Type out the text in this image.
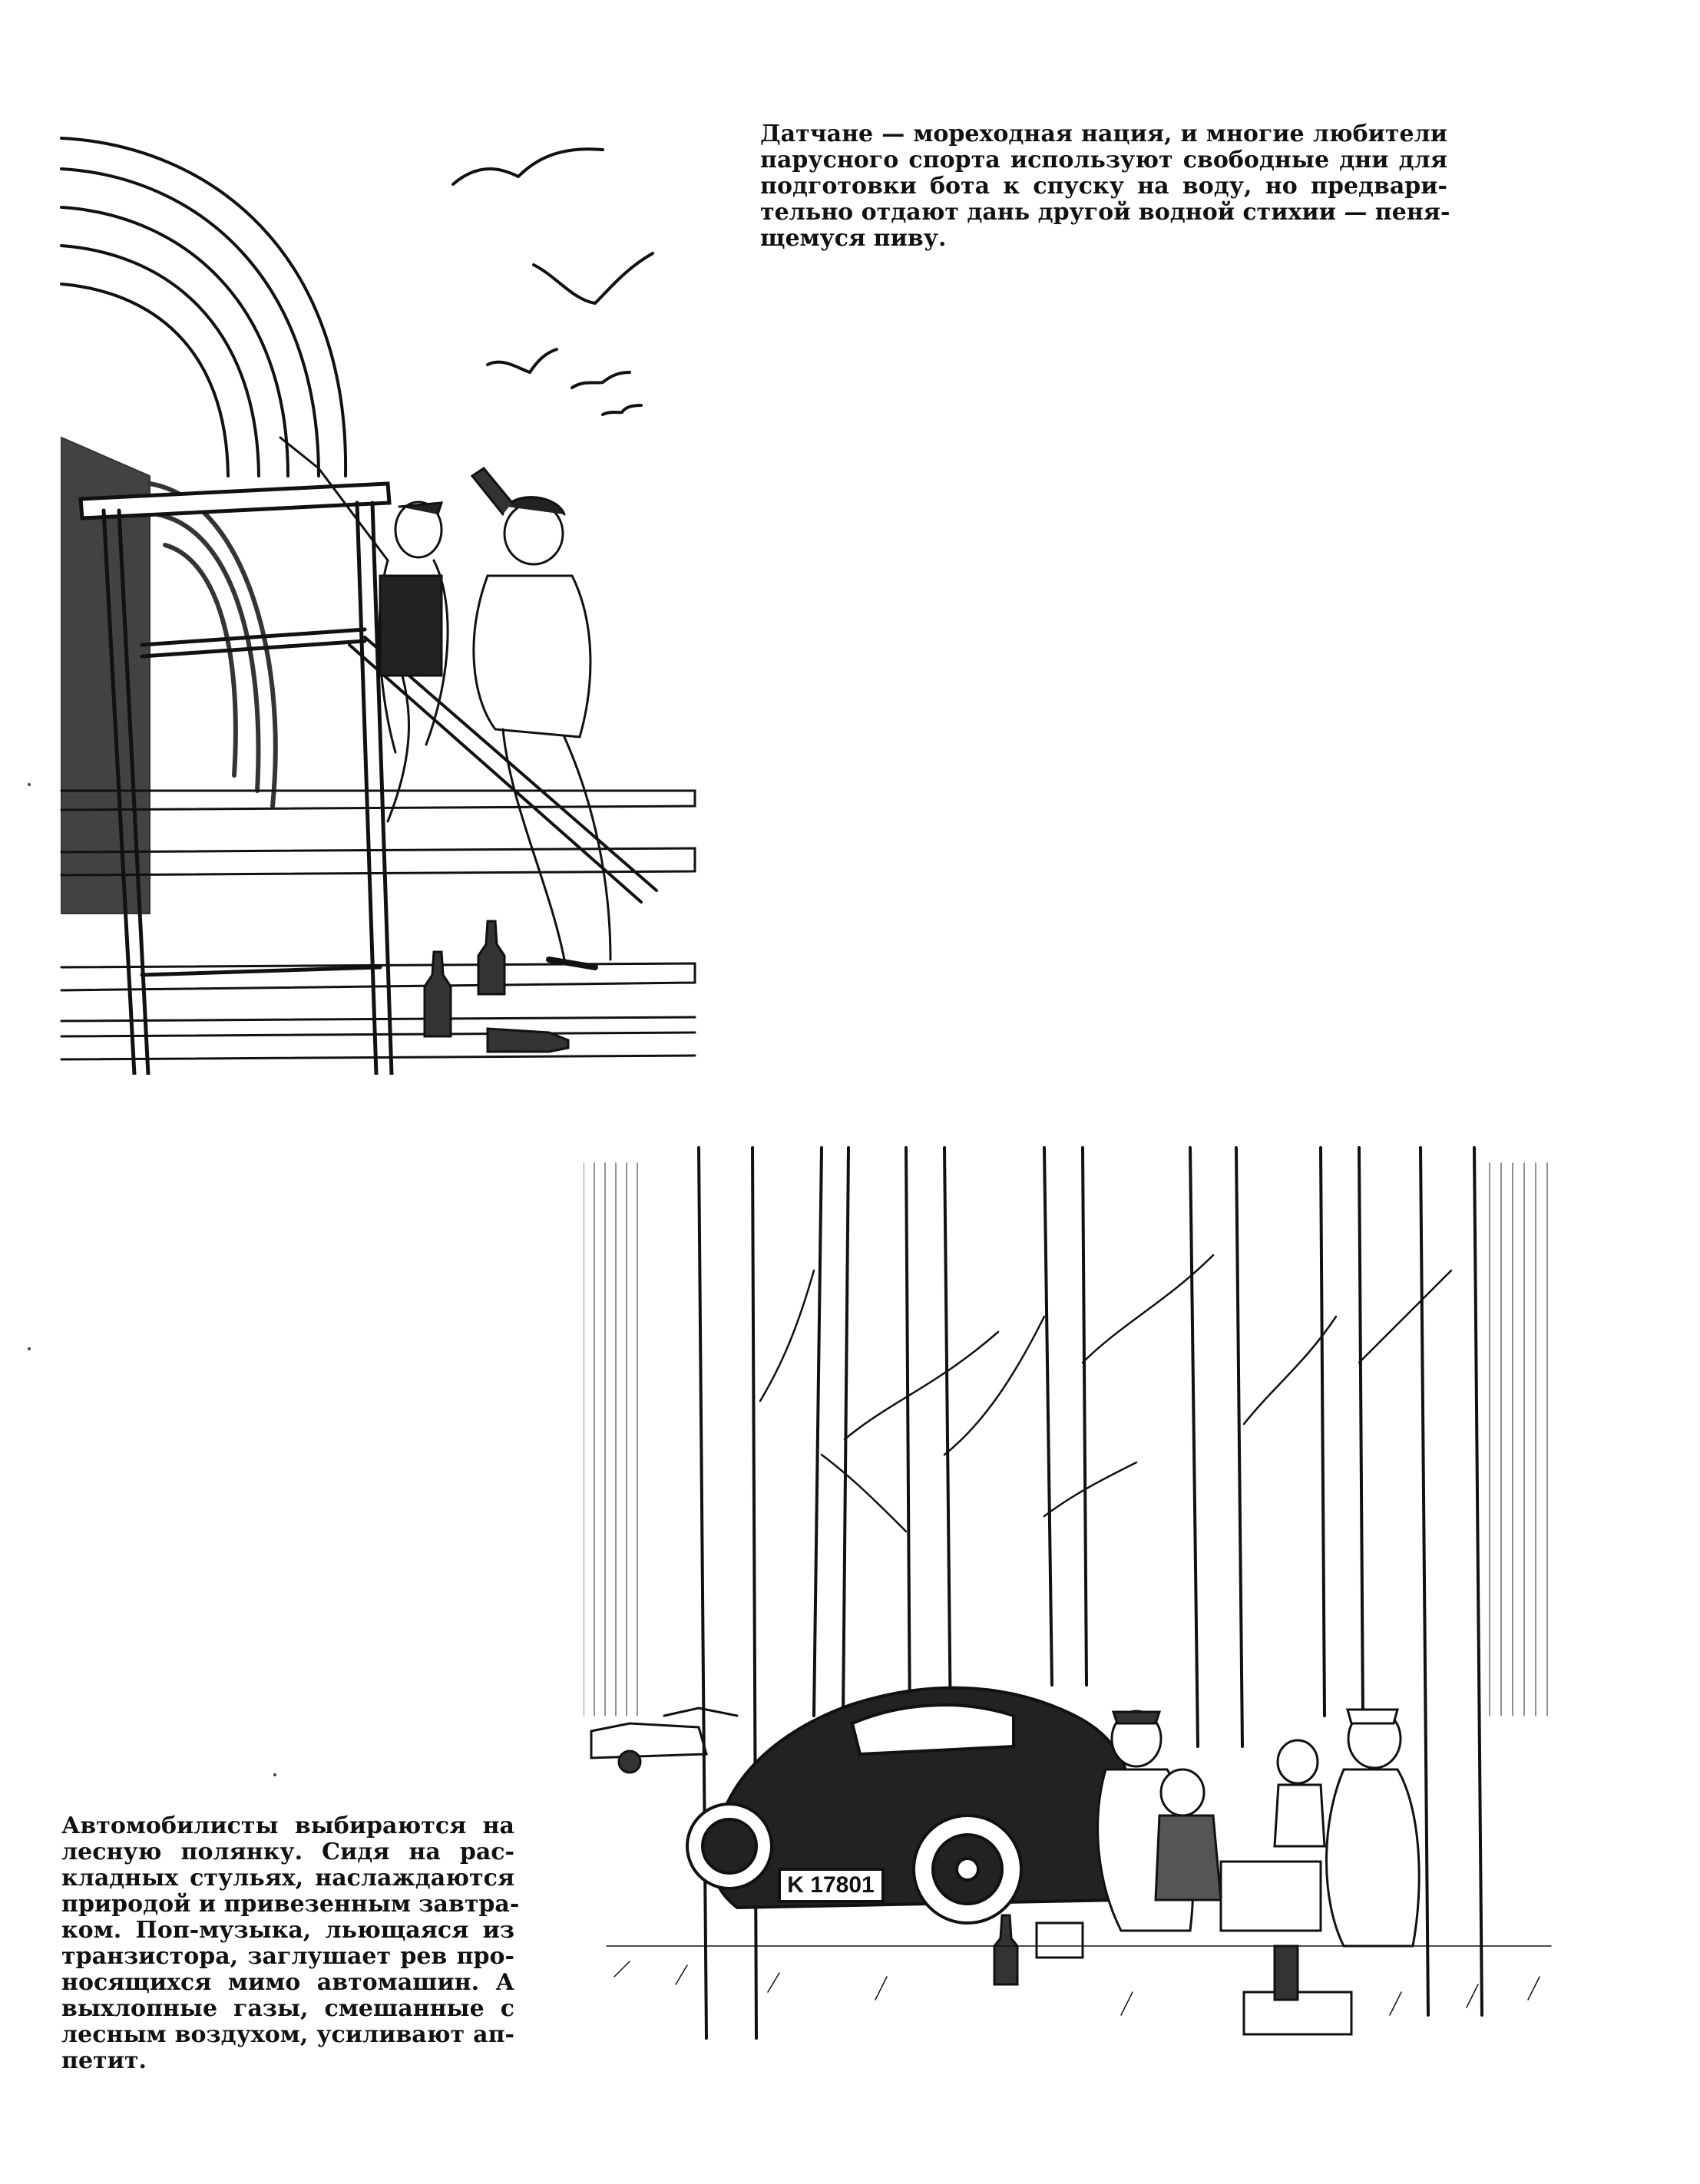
Датчане — мореходная нация, и многие любители
парусного спорта используют свободные дни для
подготовки бота к спуску на воду, но предвари-
тельно отдают дань другой водной стихии — пеня-
щемуся пиву.
K 17801
Автомобилисты выбираются на
лесную полянку. Сидя на рас-
кладных стульях, наслаждаются
природой и привезенным завтра-
ком. Поп-музыка, льющаяся из
транзистора, заглушает рев про-
носящихся мимо автомашин. А
выхлопные газы, смешанные с
лесным воздухом, усиливают ап-
петит.
